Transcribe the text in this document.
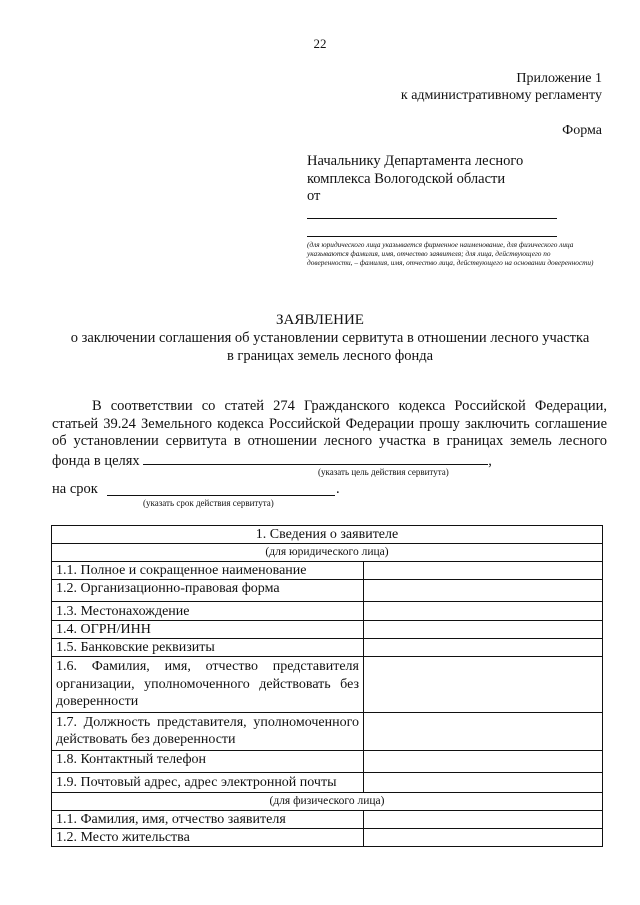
22
Приложение 1
к административному регламенту
Форма
Начальнику Департамента лесного
комплекса Вологодской области
от
(для юридического лица указывается фирменное наименование, для физического лица указываются фамилия, имя, отчество заявителя; для лица, действующего по доверенности, – фамилия, имя, отчество лица, действующего на основании доверенности)
ЗАЯВЛЕНИЕ
о заключении соглашения об установлении сервитута в отношении лесного участка
в границах земель лесного фонда

В соответствии со статей 274 Гражданского кодекса Российской Федерации, статьей 39.24 Земельного кодекса Российской Федерации прошу заключить соглашение об установлении сервитута в отношении лесного участка в границах земель лесного фонда в целях	,

(указать цель действия сервитута)
на срок	.
(указать срок действия сервитута)
1. Сведения о заявителе	
(для юридического лица)	
1.1. Полное и сокращенное наименование	
1.2. Организационно-правовая форма	
1.3. Местонахождение	
1.4. ОГРН/ИНН	
1.5. Банковские реквизиты	

1.6. Фамилия, имя, отчество представителя организации, уполномоченного действовать без доверенности	

1.7. Должность представителя, уполномоченного действовать без доверенности	

1.8. Контактный телефон	

1.9. Почтовый адрес, адрес электронной почты	

(для физического лица)	
1.1. Фамилия, имя, отчество заявителя	
1.2. Место жительства	
